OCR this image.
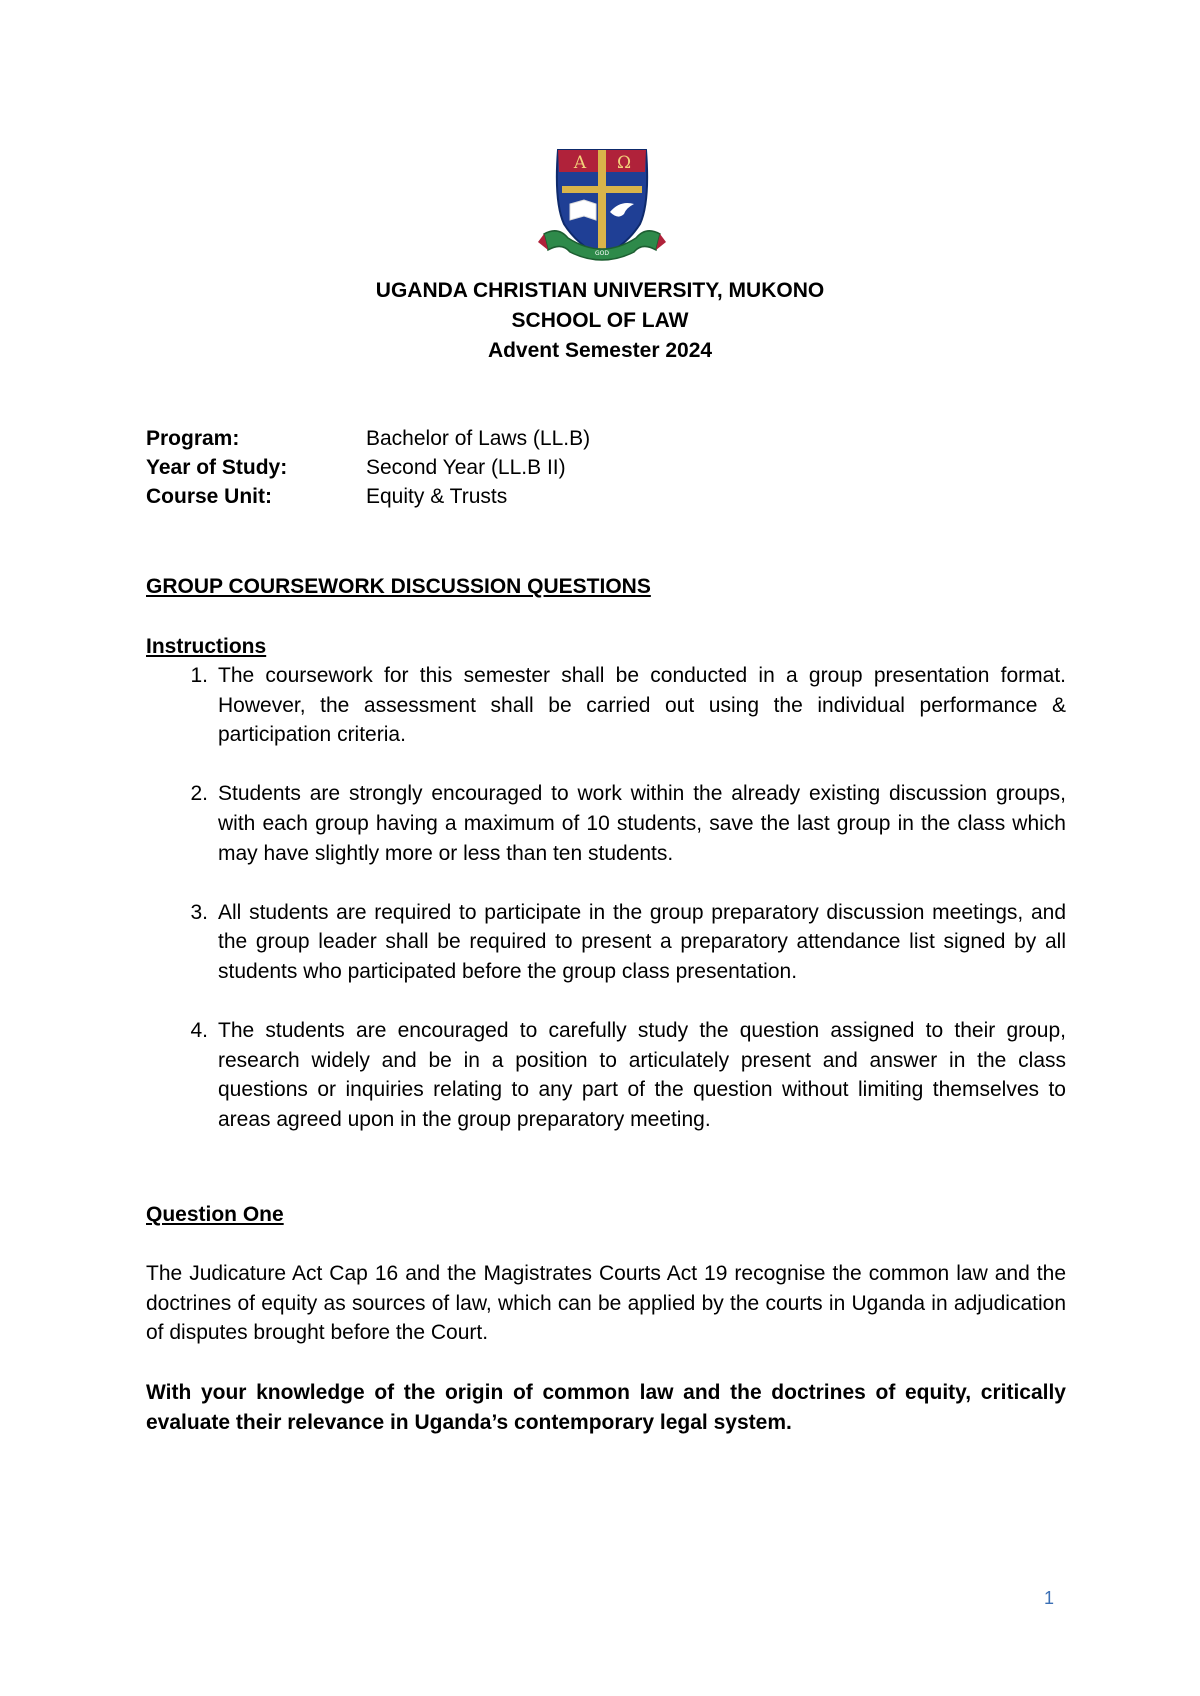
Α Ω
GOD
UGANDA CHRISTIAN UNIVERSITY, MUKONO
SCHOOL OF LAW
Advent Semester 2024
Program:	Bachelor of Laws (LL.B)
Year of Study:	Second Year (LL.B II)
Course Unit:	Equity & Trusts
GROUP COURSEWORK DISCUSSION QUESTIONS
Instructions
1. The coursework for this semester shall be conducted in a group presentation format. However, the assessment shall be carried out using the individual performance & participation criteria.
2. Students are strongly encouraged to work within the already existing discussion groups, with each group having a maximum of 10 students, save the last group in the class which may have slightly more or less than ten students.
3. All students are required to participate in the group preparatory discussion meetings, and the group leader shall be required to present a preparatory attendance list signed by all students who participated before the group class presentation.
4. The students are encouraged to carefully study the question assigned to their group, research widely and be in a position to articulately present and answer in the class questions or inquiries relating to any part of the question without limiting themselves to areas agreed upon in the group preparatory meeting.
Question One
The Judicature Act Cap 16 and the Magistrates Courts Act 19 recognise the common law and the doctrines of equity as sources of law, which can be applied by the courts in Uganda in adjudication of disputes brought before the Court.
With your knowledge of the origin of common law and the doctrines of equity, critically evaluate their relevance in Uganda’s contemporary legal system.
1
